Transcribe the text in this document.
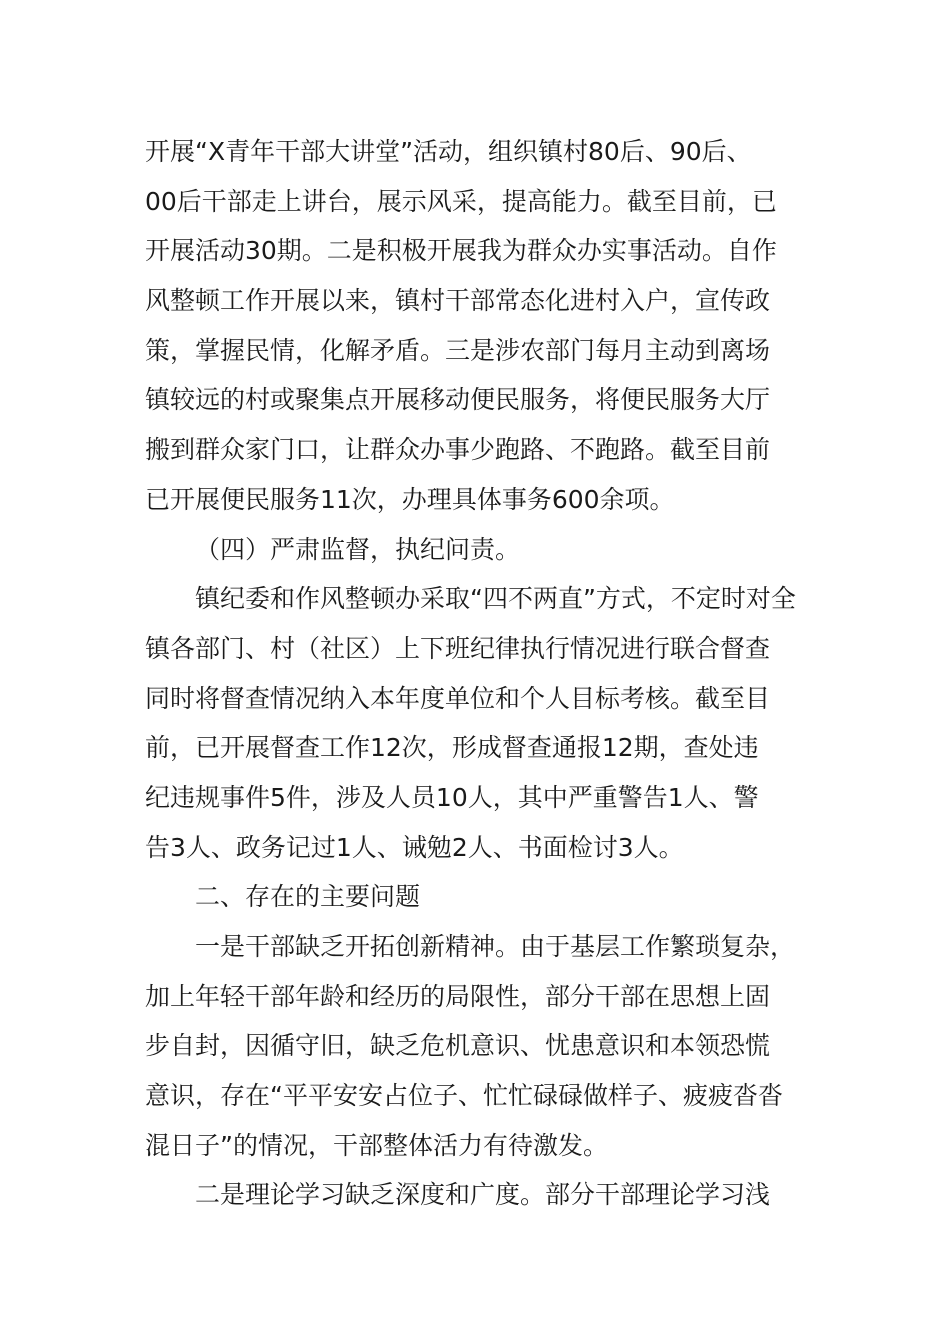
开展“X青年干部大讲堂”活动，组织镇村80后、90后、
00后干部走上讲台，展示风采，提高能力。截至目前，已
开展活动30期。二是积极开展我为群众办实事活动。自作
风整顿工作开展以来，镇村干部常态化进村入户，宣传政
策，掌握民情，化解矛盾。三是涉农部门每月主动到离场
镇较远的村或聚集点开展移动便民服务，将便民服务大厅
搬到群众家门口，让群众办事少跑路、不跑路。截至目前
已开展便民服务11次，办理具体事务600余项。
（四）严肃监督，执纪问责。
镇纪委和作风整顿办采取“四不两直”方式，不定时对全
镇各部门、村（社区）上下班纪律执行情况进行联合督查
同时将督查情况纳入本年度单位和个人目标考核。截至目
前，已开展督查工作12次，形成督查通报12期，查处违
纪违规事件5件，涉及人员10人，其中严重警告1人、警
告3人、政务记过1人、诫勉2人、书面检讨3人。
二、存在的主要问题
一是干部缺乏开拓创新精神。由于基层工作繁琐复杂，
加上年轻干部年龄和经历的局限性，部分干部在思想上固
步自封，因循守旧，缺乏危机意识、忧患意识和本领恐慌
意识，存在“平平安安占位子、忙忙碌碌做样子、疲疲沓沓
混日子”的情况，干部整体活力有待激发。
二是理论学习缺乏深度和广度。部分干部理论学习浅
